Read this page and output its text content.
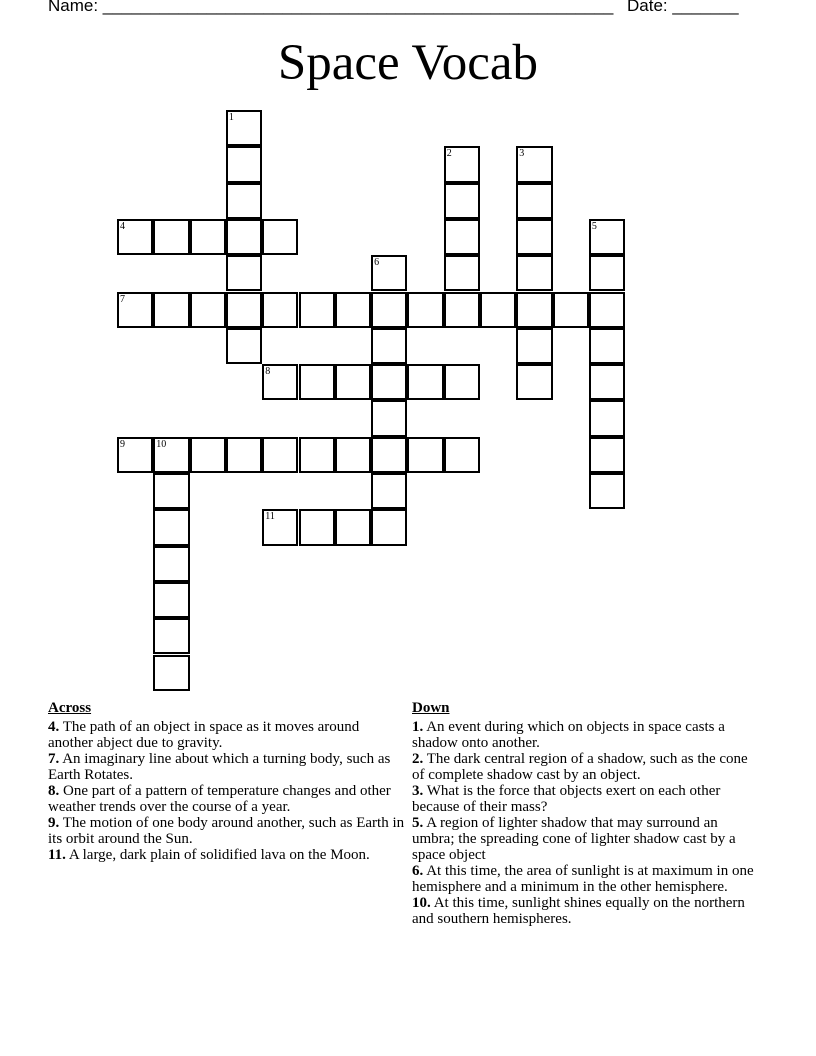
Name: ______________________________________________________ Date: _______
Space Vocab
1
2	3
4	5
6
7
8
9	10
11
Across

4. The path of an object in space as it moves around another abject due to gravity.

7. An imaginary line about which a turning body, such as Earth Rotates.

8. One part of a pattern of temperature changes and other weather trends over the course of a year.

9. The motion of one body around another, such as Earth in its orbit around the Sun.

11. A large, dark plain of solidified lava on the Moon.

Down

1. An event during which on objects in space casts a shadow onto another.

2. The dark central region of a shadow, such as the cone of complete shadow cast by an object.

3. What is the force that objects exert on each other because of their mass?

5. A region of lighter shadow that may surround an umbra; the spreading cone of lighter shadow cast by a space object

6. At this time, the area of sunlight is at maximum in one hemisphere and a minimum in the other hemisphere.

10. At this time, sunlight shines equally on the northern and southern hemispheres.
